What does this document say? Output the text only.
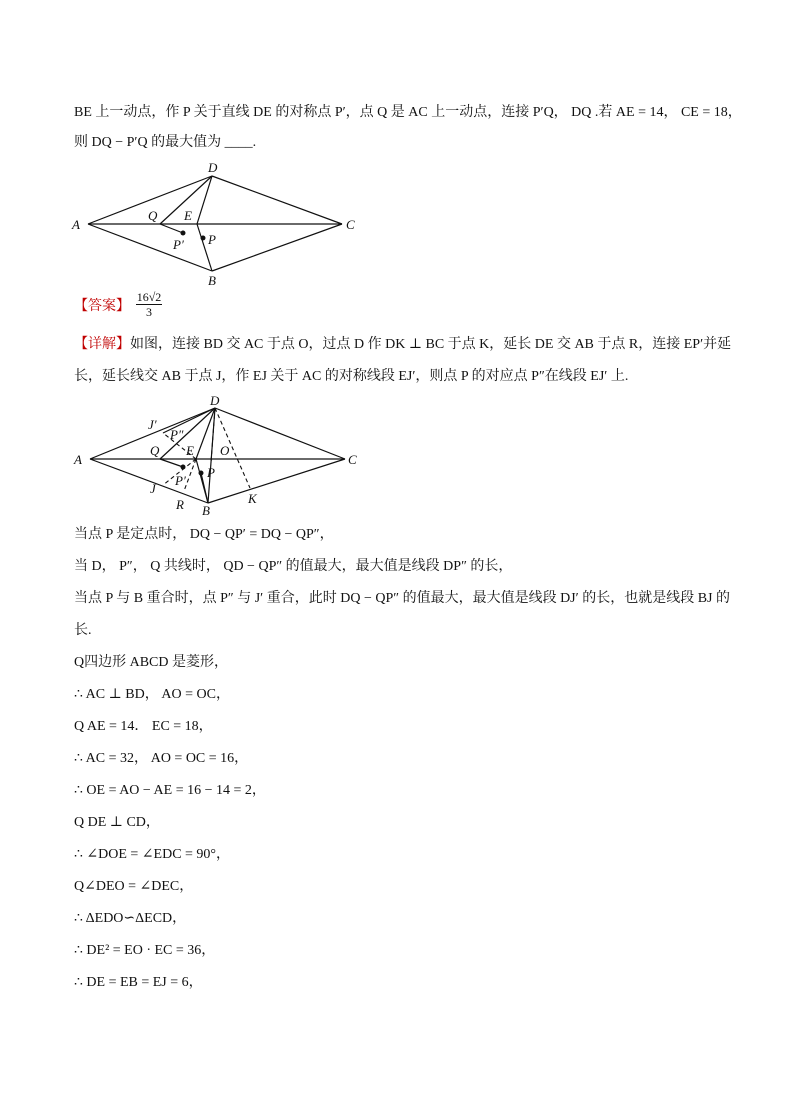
BE 上一动点，作 P 关于直线 DE 的对称点 P′，点 Q 是 AC 上一动点，连接 P′Q， DQ .若 AE = 14， CE = 18，
则 DQ − P′Q 的最大值为 ____.
A
D
C
B
E
Q
P
P′
【答案】 $\frac{16√2}{3}$
【详解】如图，连接 BD 交 AC 于点 O，过点 D 作 DK ⊥ BC 于点 K，延长 DE 交 AB 于点 R，连接 EP′并延
长，延长线交 AB 于点 J，作 EJ 关于 AC 的对称线段 EJ′，则点 P 的对应点 P″在线段 EJ′ 上.
A
D
C
B
E O
Q
P
P′
P″
J
J′
R	K
当点 P 是定点时， DQ − QP′ = DQ − QP″，
当 D， P″， Q 共线时， QD − QP″ 的值最大，最大值是线段 DP″ 的长，
当点 P 与 B 重合时，点 P″ 与 J′ 重合，此时 DQ − QP″ 的值最大，最大值是线段 DJ′ 的长，也就是线段 BJ 的
长.
Q四边形 ABCD 是菱形，
∴ AC ⊥ BD， AO = OC，
Q AE = 14． EC = 18，
∴ AC = 32， AO = OC = 16，
∴ OE = AO − AE = 16 − 14 = 2，
Q DE ⊥ CD，
∴ ∠DOE = ∠EDC = 90°，
Q∠DEO = ∠DEC，
∴ ΔEDO∽ΔECD，
∴ DE² = EO · EC = 36，
∴ DE = EB = EJ = 6，
